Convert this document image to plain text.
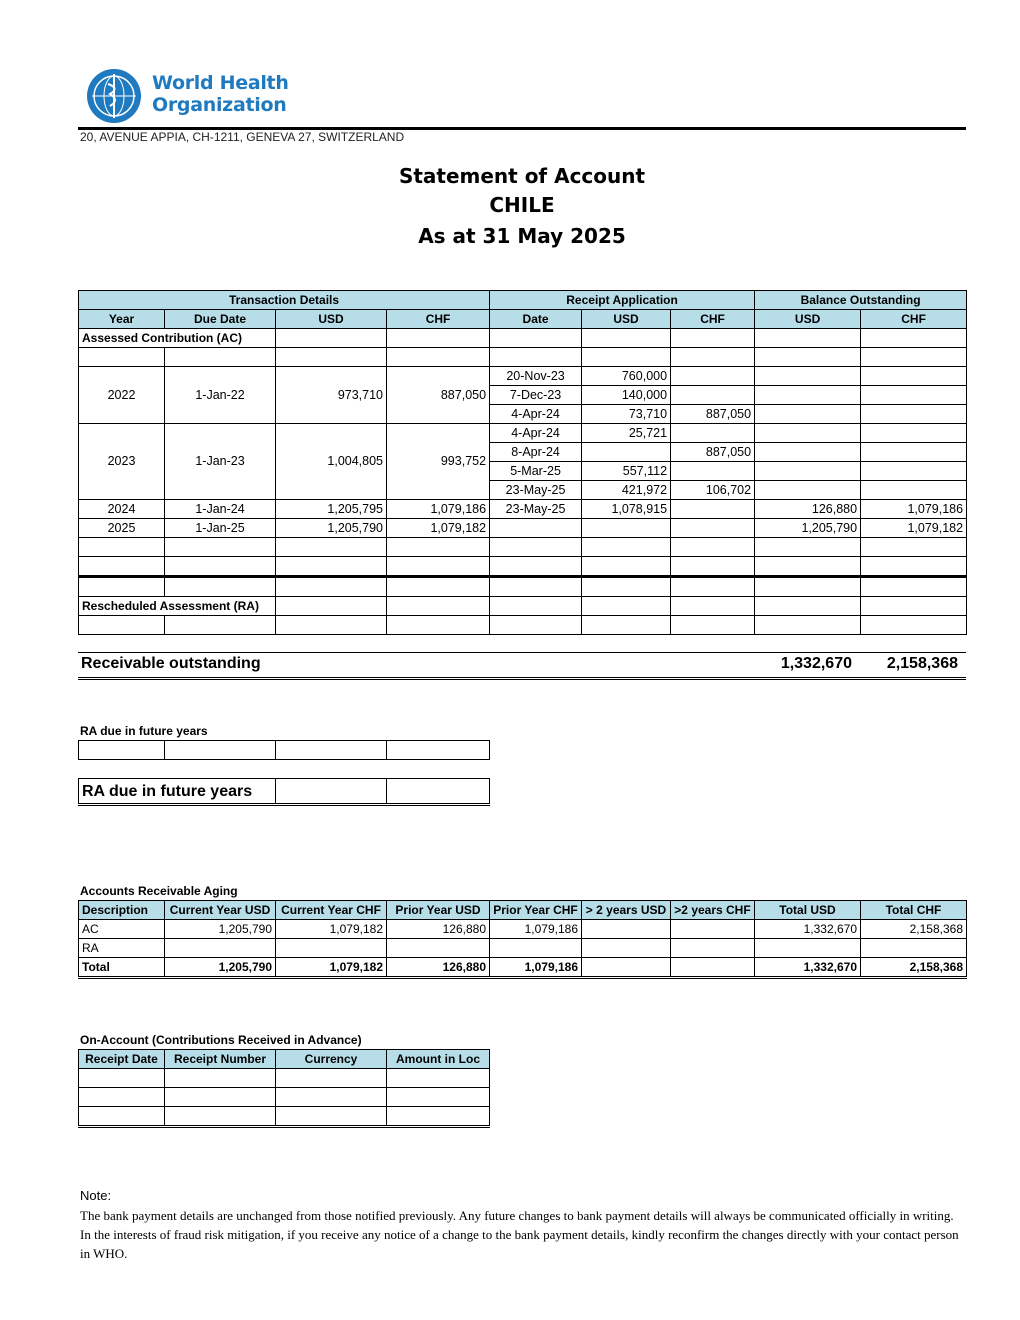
World Health
Organization
20, AVENUE APPIA, CH-1211, GENEVA 27, SWITZERLAND
Statement of Account
CHILE
As at 31 May 2025
Transaction Details				Receipt Application			Balance Outstanding	
Year	Due Date	USD	CHF	Date	USD	CHF	USD	CHF
Assessed Contribution (AC)								

2022	1-Jan-22	973,710	887,050	20-Nov-23	760,000			
				7-Dec-23	140,000			
				4-Apr-24	73,710	887,050		
2023	1-Jan-23	1,004,805	993,752	4-Apr-24	25,721			
				8-Apr-24		887,050		
				5-Mar-25	557,112			
				23-May-25	421,972	106,702		
2024	1-Jan-24	1,205,795	1,079,186	23-May-25	1,078,915		126,880	1,079,186
2025	1-Jan-25	1,205,790	1,079,182				1,205,790	1,079,182

Rescheduled Assessment (RA)								

Receivable outstanding	1,332,670 2,158,368
RA due in future years

RA due in future years		
Accounts Receivable Aging
Description	Current Year USD	Current Year CHF	Prior Year USD	Prior Year CHF	> 2 years USD	>2 years CHF	Total USD	Total CHF
AC	1,205,790	1,079,182	126,880	1,079,186			1,332,670	2,158,368
RA								
Total	1,205,790	1,079,182	126,880	1,079,186			1,332,670	2,158,368
On-Account (Contributions Received in Advance)
Receipt Date	Receipt Number	Currency	Amount in Loc

Note:
The bank payment details are unchanged from those notified previously. Any future changes to bank payment details will always be communicated officially in writing. In the interests of fraud risk mitigation, if you receive any notice of a change to the bank payment details, kindly reconfirm the changes directly with your contact person in WHO.
